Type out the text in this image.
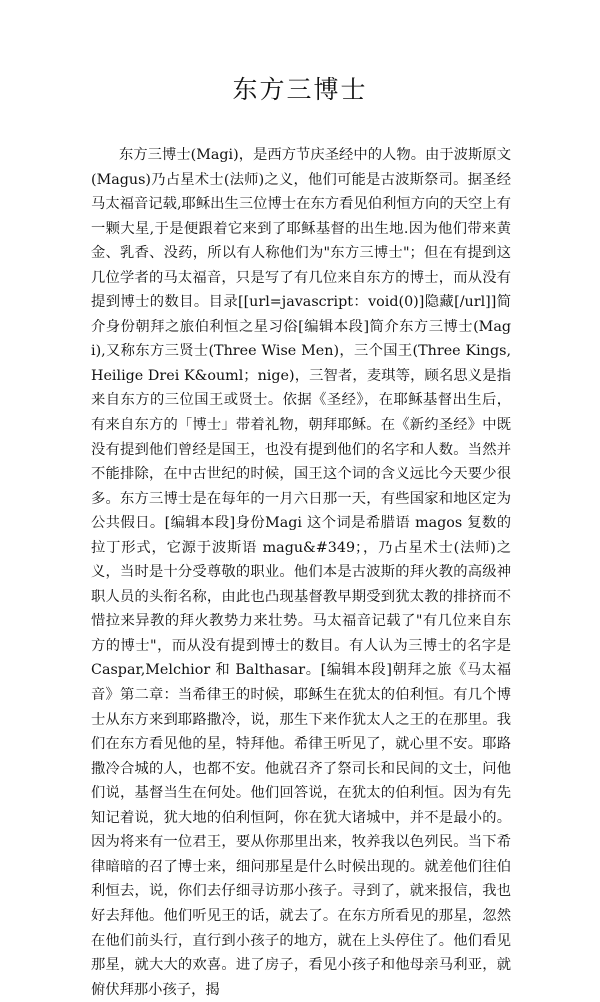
东方三博士

东方三博士(Magi)，是西方节庆圣经中的人物。由于波斯原文(Magus)乃占星术士(法师)之义，他们可能是古波斯祭司。据圣经马太福音记载,耶稣出生三位博士在东方看见伯利恒方向的天空上有一颗大星,于是便跟着它来到了耶稣基督的出生地.因为他们带来黄金、乳香、没药，所以有人称他们为"东方三博士"；但在有提到这几位学者的马太福音，只是写了有几位来自东方的博士，而从没有提到博士的数目。目录[[url=javascript：void(0)]隐藏[/url]]简介身份朝拜之旅伯利恒之星习俗[编辑本段]简介东方三博士(Magi),又称东方三贤士(Three Wise Men)，三个国王(Three Kings,Heilige Drei K&ouml；nige)，三智者，麦琪等，顾名思义是指来自东方的三位国王或贤士。依据《圣经》，在耶稣基督出生后，有来自东方的「博士」带着礼物，朝拜耶稣。在《新约圣经》中既没有提到他们曾经是国王，也没有提到他们的名字和人数。当然并不能排除，在中古世纪的时候，国王这个词的含义远比今天要少很多。东方三博士是在每年的一月六日那一天，有些国家和地区定为公共假日。[编辑本段]身份Magi 这个词是希腊语 magos 复数的拉丁形式，它源于波斯语 magu&#349；，乃占星术士(法师)之义，当时是十分受尊敬的职业。他们本是古波斯的拜火教的高级神职人员的头衔名称，由此也凸现基督教早期受到犹太教的排挤而不惜拉来异教的拜火教势力来壮势。马太福音记载了"有几位来自东方的博士"，而从没有提到博士的数目。有人认为三博士的名字是 Caspar,Melchior 和 Balthasar。[编辑本段]朝拜之旅《马太福音》第二章：当希律王的时候，耶稣生在犹太的伯利恒。有几个博士从东方来到耶路撒冷，说，那生下来作犹太人之王的在那里。我们在东方看见他的星，特拜他。希律王听见了，就心里不安。耶路撒冷合城的人，也都不安。他就召齐了祭司长和民间的文士，问他们说，基督当生在何处。他们回答说，在犹太的伯利恒。因为有先知记着说，犹大地的伯利恒阿，你在犹大诸城中，并不是最小的。因为将来有一位君王，要从你那里出来，牧养我以色列民。当下希律暗暗的召了博士来，细问那星是什么时候出现的。就差他们往伯利恒去，说，你们去仔细寻访那小孩子。寻到了，就来报信，我也好去拜他。他们听见王的话，就去了。在东方所看见的那星，忽然在他们前头行，直行到小孩子的地方，就在上头停住了。他们看见那星，就大大的欢喜。进了房子，看见小孩子和他母亲马利亚，就俯伏拜那小孩子，揭
